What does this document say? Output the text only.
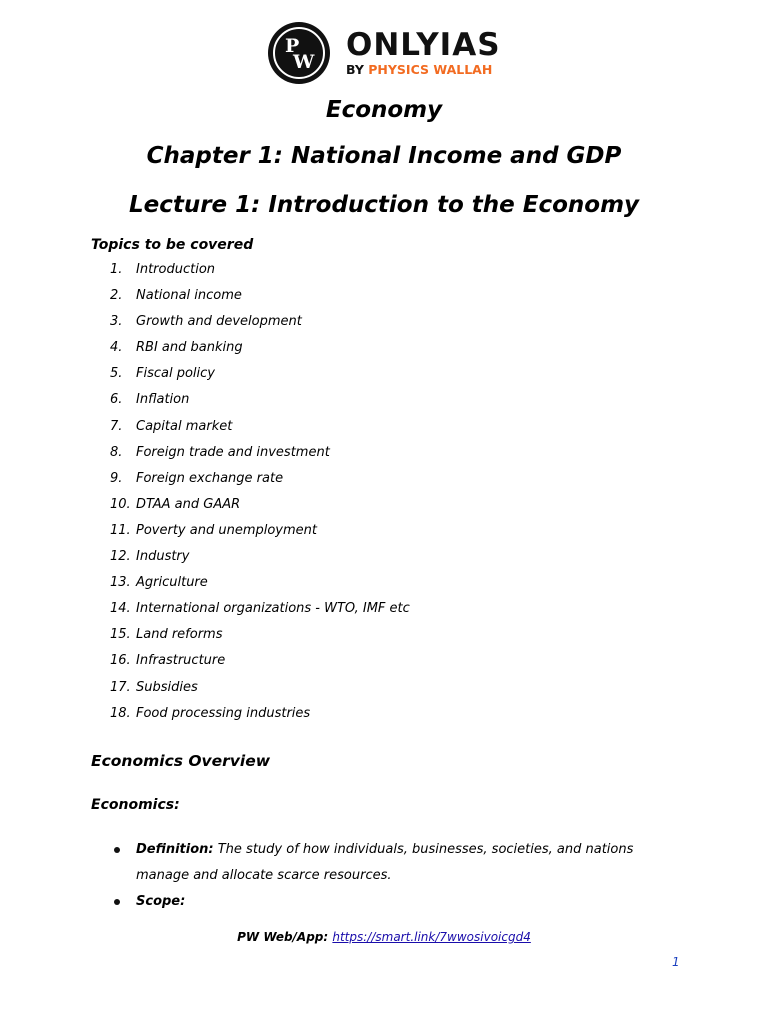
P
W ONLYIAS
BY PHYSICS WALLAH
Economy
Chapter 1: National Income and GDP
Lecture 1: Introduction to the Economy
Topics to be covered
1.	Introduction
2.	National income
3.	Growth and development
4.	RBI and banking
5.	Fiscal policy
6.	Inflation
7.	Capital market
8.	Foreign trade and investment
9.	Foreign exchange rate
10. DTAA and GAAR
11. Poverty and unemployment
12. Industry
13. Agriculture
14. International organizations - WTO, IMF etc
15. Land reforms
16. Infrastructure
17. Subsidies
18. Food processing industries
Economics Overview
Economics:
Definition: The study of how individuals, businesses, societies, and nations manage and allocate scarce resources.
Scope:
PW Web/App: https://smart.link/7wwosivoicgd4
1
